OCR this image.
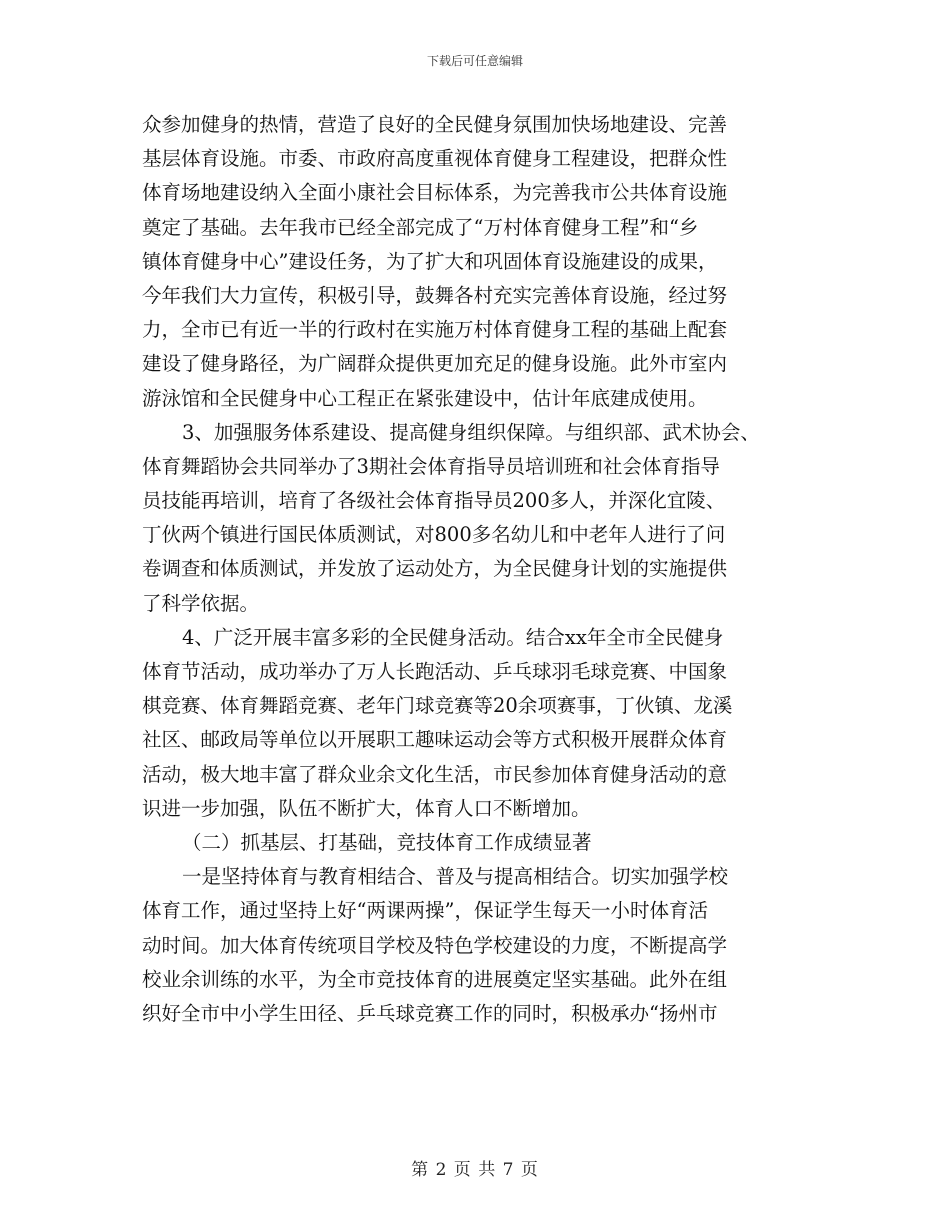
下载后可任意编辑
众参加健身的热情，营造了良好的全民健身氛围加快场地建设、完善
基层体育设施。市委、市政府高度重视体育健身工程建设，把群众性
体育场地建设纳入全面小康社会目标体系，为完善我市公共体育设施
奠定了基础。去年我市已经全部完成了“万村体育健身工程”和“乡
镇体育健身中心”建设任务，为了扩大和巩固体育设施建设的成果，
今年我们大力宣传，积极引导，鼓舞各村充实完善体育设施，经过努
力，全市已有近一半的行政村在实施万村体育健身工程的基础上配套
建设了健身路径，为广阔群众提供更加充足的健身设施。此外市室内
游泳馆和全民健身中心工程正在紧张建设中，估计年底建成使用。
3、加强服务体系建设、提高健身组织保障。与组织部、武术协会、
体育舞蹈协会共同举办了3期社会体育指导员培训班和社会体育指导
员技能再培训，培育了各级社会体育指导员200多人，并深化宜陵、
丁伙两个镇进行国民体质测试，对800多名幼儿和中老年人进行了问
卷调查和体质测试，并发放了运动处方，为全民健身计划的实施提供
了科学依据。
4、广泛开展丰富多彩的全民健身活动。结合xx年全市全民健身
体育节活动，成功举办了万人长跑活动、乒乓球羽毛球竞赛、中国象
棋竞赛、体育舞蹈竞赛、老年门球竞赛等20余项赛事，丁伙镇、龙溪
社区、邮政局等单位以开展职工趣味运动会等方式积极开展群众体育
活动，极大地丰富了群众业余文化生活，市民参加体育健身活动的意
识进一步加强，队伍不断扩大，体育人口不断增加。
（二）抓基层、打基础，竞技体育工作成绩显著
一是坚持体育与教育相结合、普及与提高相结合。切实加强学校
体育工作，通过坚持上好“两课两操”，保证学生每天一小时体育活
动时间。加大体育传统项目学校及特色学校建设的力度，不断提高学
校业余训练的水平，为全市竞技体育的进展奠定坚实基础。此外在组
织好全市中小学生田径、乒乓球竞赛工作的同时，积极承办“扬州市
第 2 页 共 7 页
